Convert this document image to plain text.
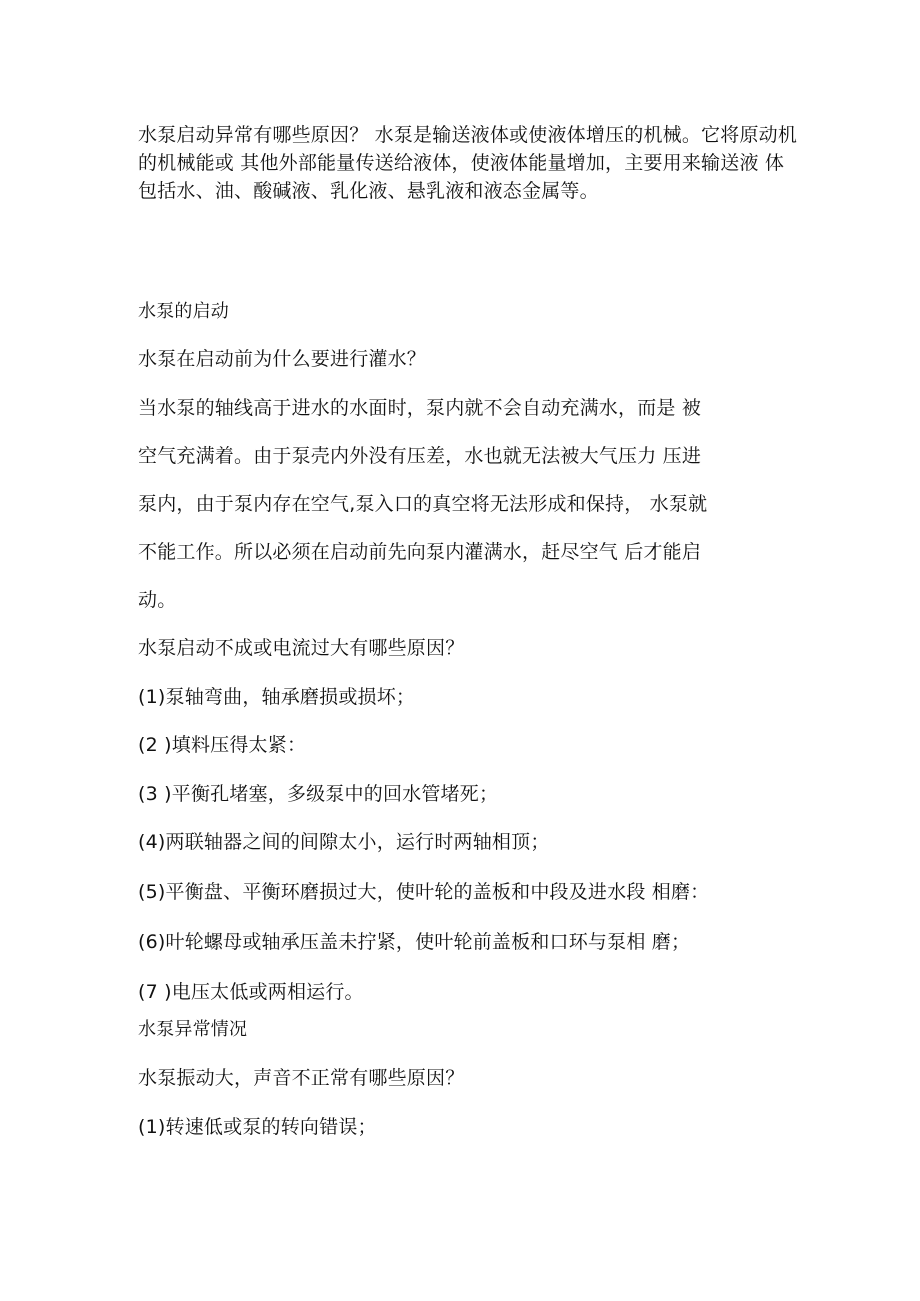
水泵启动异常有哪些原因？ 水泵是输送液体或使液体增压的机械。它将原动机的机械能或 其他外部能量传送给液体，使液体能量增加，主要用来输送液 体包括水、油、酸碱液、乳化液、悬乳液和液态金属等。

水泵的启动

水泵在启动前为什么要进行灌水？

当水泵的轴线高于进水的水面时，泵内就不会自动充满水，而是 被

空气充满着。由于泵壳内外没有压差，水也就无法被大气压力 压进

泵内，由于泵内存在空气,泵入口的真空将无法形成和保持， 水泵就

不能工作。所以必须在启动前先向泵内灌满水，赶尽空气 后才能启

动。

水泵启动不成或电流过大有哪些原因？

(1)泵轴弯曲，轴承磨损或损坏；

(2 )填料压得太紧：

(3 )平衡孔堵塞，多级泵中的回水管堵死；

(4)两联轴器之间的间隙太小，运行时两轴相顶；

(5)平衡盘、平衡环磨损过大，使叶轮的盖板和中段及进水段 相磨：

(6)叶轮螺母或轴承压盖未拧紧，使叶轮前盖板和口环与泵相 磨；

(7 )电压太低或两相运行。

水泵异常情况

水泵振动大，声音不正常有哪些原因？

(1)转速低或泵的转向错误；
